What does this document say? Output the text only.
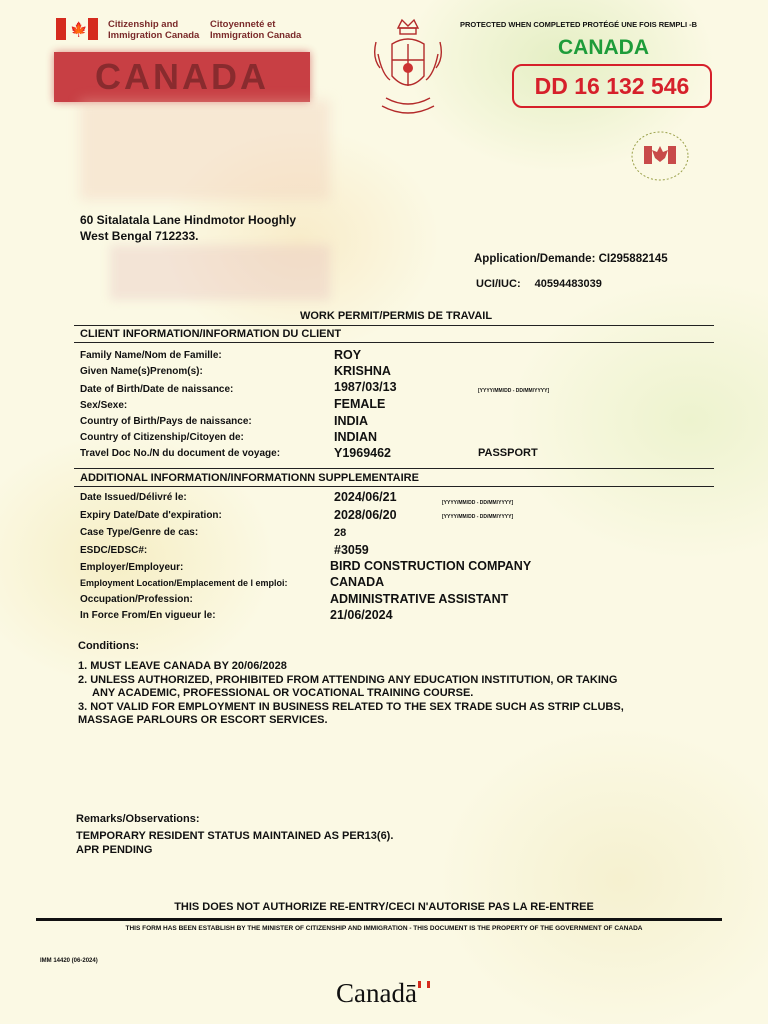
🍁 Citizenship and
Immigration Canada
Citoyenneté et
Immigration Canada
CANADA
PROTECTED WHEN COMPLETED PROTÉGÉ UNE FOIS REMPLI -B
CANADA
DD 16 132 546
60 Sitalatala Lane Hindmotor Hooghly
West Bengal 712233.
Application/Demande: CI295882145
UCI/IUC: 40594483039
WORK PERMIT/PERMIS DE TRAVAIL
CLIENT INFORMATION/INFORMATION DU CLIENT
Family Name/Nom de Famille:	ROY
Given Name(s)Prenom(s):	KRISHNA
Date of Birth/Date de naissance:	1987/03/13	[YYYY/MM/DD - DD/MM/YYYY]
Sex/Sexe:	FEMALE
Country of Birth/Pays de naissance:	INDIA
Country of Citizenship/Citoyen de:	INDIAN
Travel Doc No./N du document de voyage:	Y1969462	PASSPORT
ADDITIONAL INFORMATION/INFORMATIONN SUPPLEMENTAIRE
Date Issued/Délivré le:	2024/06/21	[YYYY/MM/DD - DD/MM/YYYY]
Expiry Date/Date d'expiration:	2028/06/20	[YYYY/MM/DD - DD/MM/YYYY]
Case Type/Genre de cas:	28
ESDC/EDSC#:	#3059
Employer/Employeur:	BIRD CONSTRUCTION COMPANY
Employment Location/Emplacement de l emploi:	CANADA
Occupation/Profession:	ADMINISTRATIVE ASSISTANT
In Force From/En vigueur le:	21/06/2024
Conditions:
1. MUST LEAVE CANADA BY 20/06/2028
2. UNLESS AUTHORIZED, PROHIBITED FROM ATTENDING ANY EDUCATION INSTITUTION, OR TAKING
ANY ACADEMIC, PROFESSIONAL OR VOCATIONAL TRAINING COURSE.
3. NOT VALID FOR EMPLOYMENT IN BUSINESS RELATED TO THE SEX TRADE SUCH AS STRIP CLUBS,
MASSAGE PARLOURS OR ESCORT SERVICES.
Remarks/Observations:
TEMPORARY RESIDENT STATUS MAINTAINED AS PER13(6).
APR PENDING
THIS DOES NOT AUTHORIZE RE-ENTRY/CECI N'AUTORISE PAS LA RE-ENTREE
THIS FORM HAS BEEN ESTABLISH BY THE MINISTER OF CITIZENSHIP AND IMMIGRATION - THIS DOCUMENT IS THE PROPERTY OF THE GOVERNMENT OF CANADA
IMM 14420 (06-2024)
Canadā
